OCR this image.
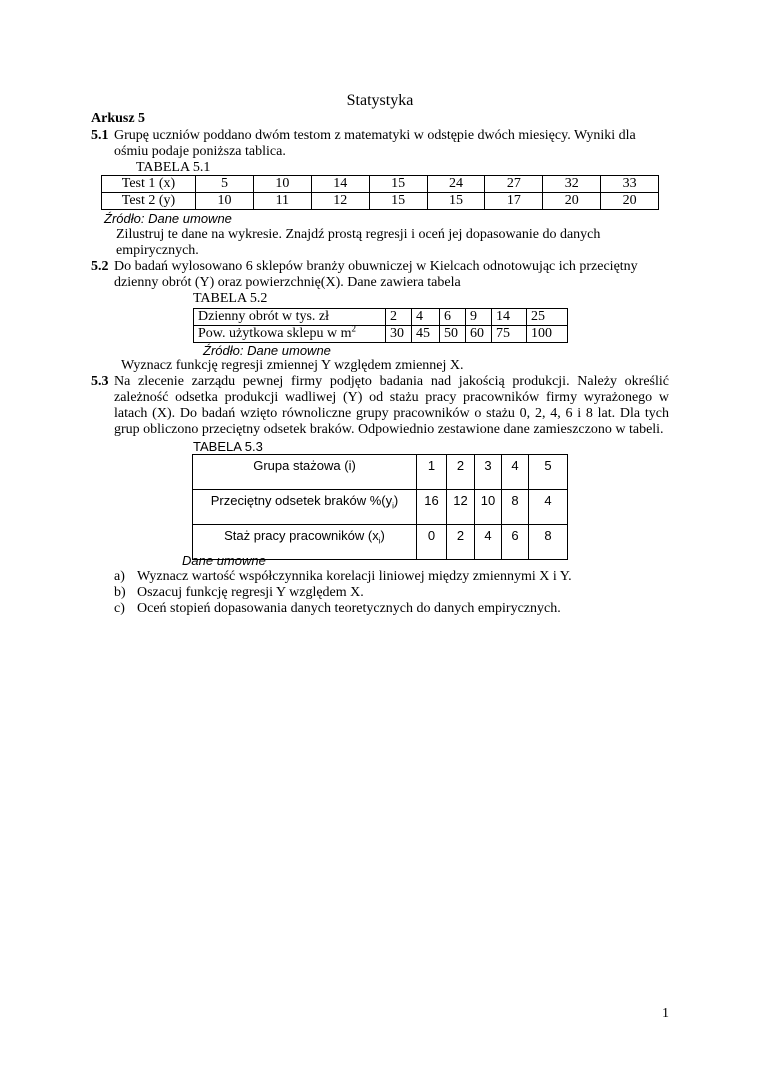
Statystyka
Arkusz 5
5.1 Grupę uczniów poddano dwóm testom z matematyki w odstępie dwóch miesięcy. Wyniki dla
ośmiu podaje poniższa tablica.
TABELA 5.1
Test 1 (x)	5	10	14	15	24	27	32	33
Test 2 (y)	10	11	12	15	15	17	20	20
Źródło: Dane umowne
Zilustruj te dane na wykresie. Znajdź prostą regresji i oceń jej dopasowanie do danych
empirycznych.
5.2 Do badań wylosowano 6 sklepów branży obuwniczej w Kielcach odnotowując ich przeciętny
dzienny obrót (Y) oraz powierzchnię(X). Dane zawiera tabela
TABELA 5.2
Dzienny obrót w tys. zł	2	4	6	9	14	25
Pow. użytkowa sklepu w $m^2$	30	45	50	60	75	100
Źródło: Dane umowne
Wyznacz funkcję regresji zmiennej Y względem zmiennej X.
5.3 Na zlecenie zarządu pewnej firmy podjęto badania nad jakością produkcji. Należy określić
zależność odsetka produkcji wadliwej (Y) od stażu pracy pracowników firmy wyrażonego w
latach (X). Do badań wzięto równoliczne grupy pracowników o stażu 0, 2, 4, 6 i 8 lat. Dla tych
grup obliczono przeciętny odsetek braków. Odpowiednio zestawione dane zamieszczono w tabeli.
TABELA 5.3
Grupa stażowa (i)	1	2	3	4	5
Przeciętny odsetek braków $\%(y_i)$	16	12	10	8	4
Staż pracy pracowników $(x_i)$	0	2	4	6	8
Dane umowne
a) Wyznacz wartość współczynnika korelacji liniowej między zmiennymi X i Y.
b) Oszacuj funkcję regresji Y względem X.
c) Oceń stopień dopasowania danych teoretycznych do danych empirycznych.
1
